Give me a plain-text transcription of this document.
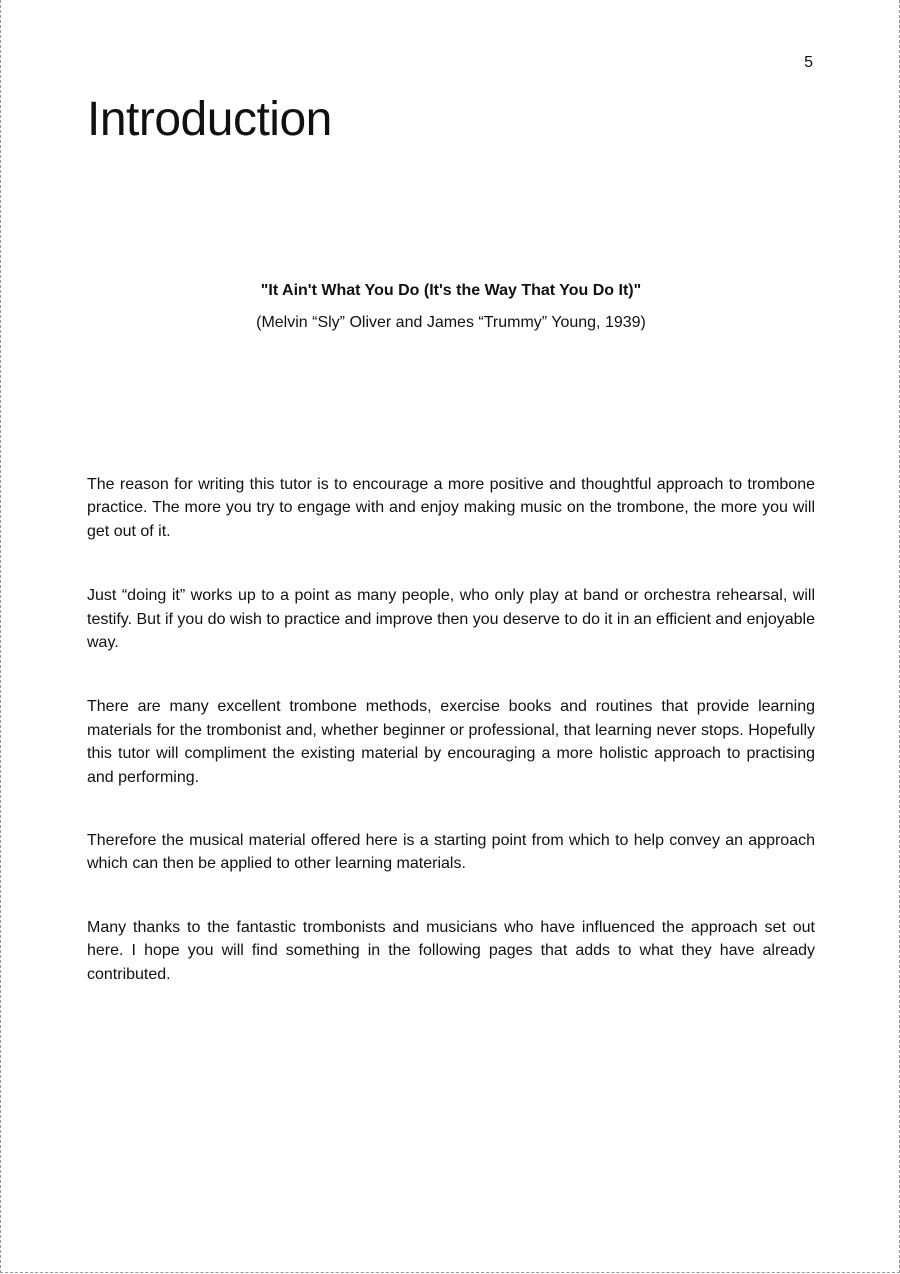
5
Introduction

"It Ain't What You Do (It's the Way That You Do It)"

(Melvin “Sly” Oliver and James “Trummy” Young, 1939)

The reason for writing this tutor is to encourage a more positive and thoughtful approach to trombone practice. The more you try to engage with and enjoy making music on the trombone, the more you will get out of it.

Just “doing it” works up to a point as many people, who only play at band or orchestra rehearsal, will testify. But if you do wish to practice and improve then you deserve to do it in an efficient and enjoyable way.

There are many excellent trombone methods, exercise books and routines that provide learning materials for the trombonist and, whether beginner or professional, that learning never stops. Hopefully this tutor will compliment the existing material by encouraging a more holistic approach to practising and performing.

Therefore the musical material offered here is a starting point from which to help convey an approach which can then be applied to other learning materials.

Many thanks to the fantastic trombonists and musicians who have influenced the approach set out here. I hope you will find something in the following pages that adds to what they have already contributed.
